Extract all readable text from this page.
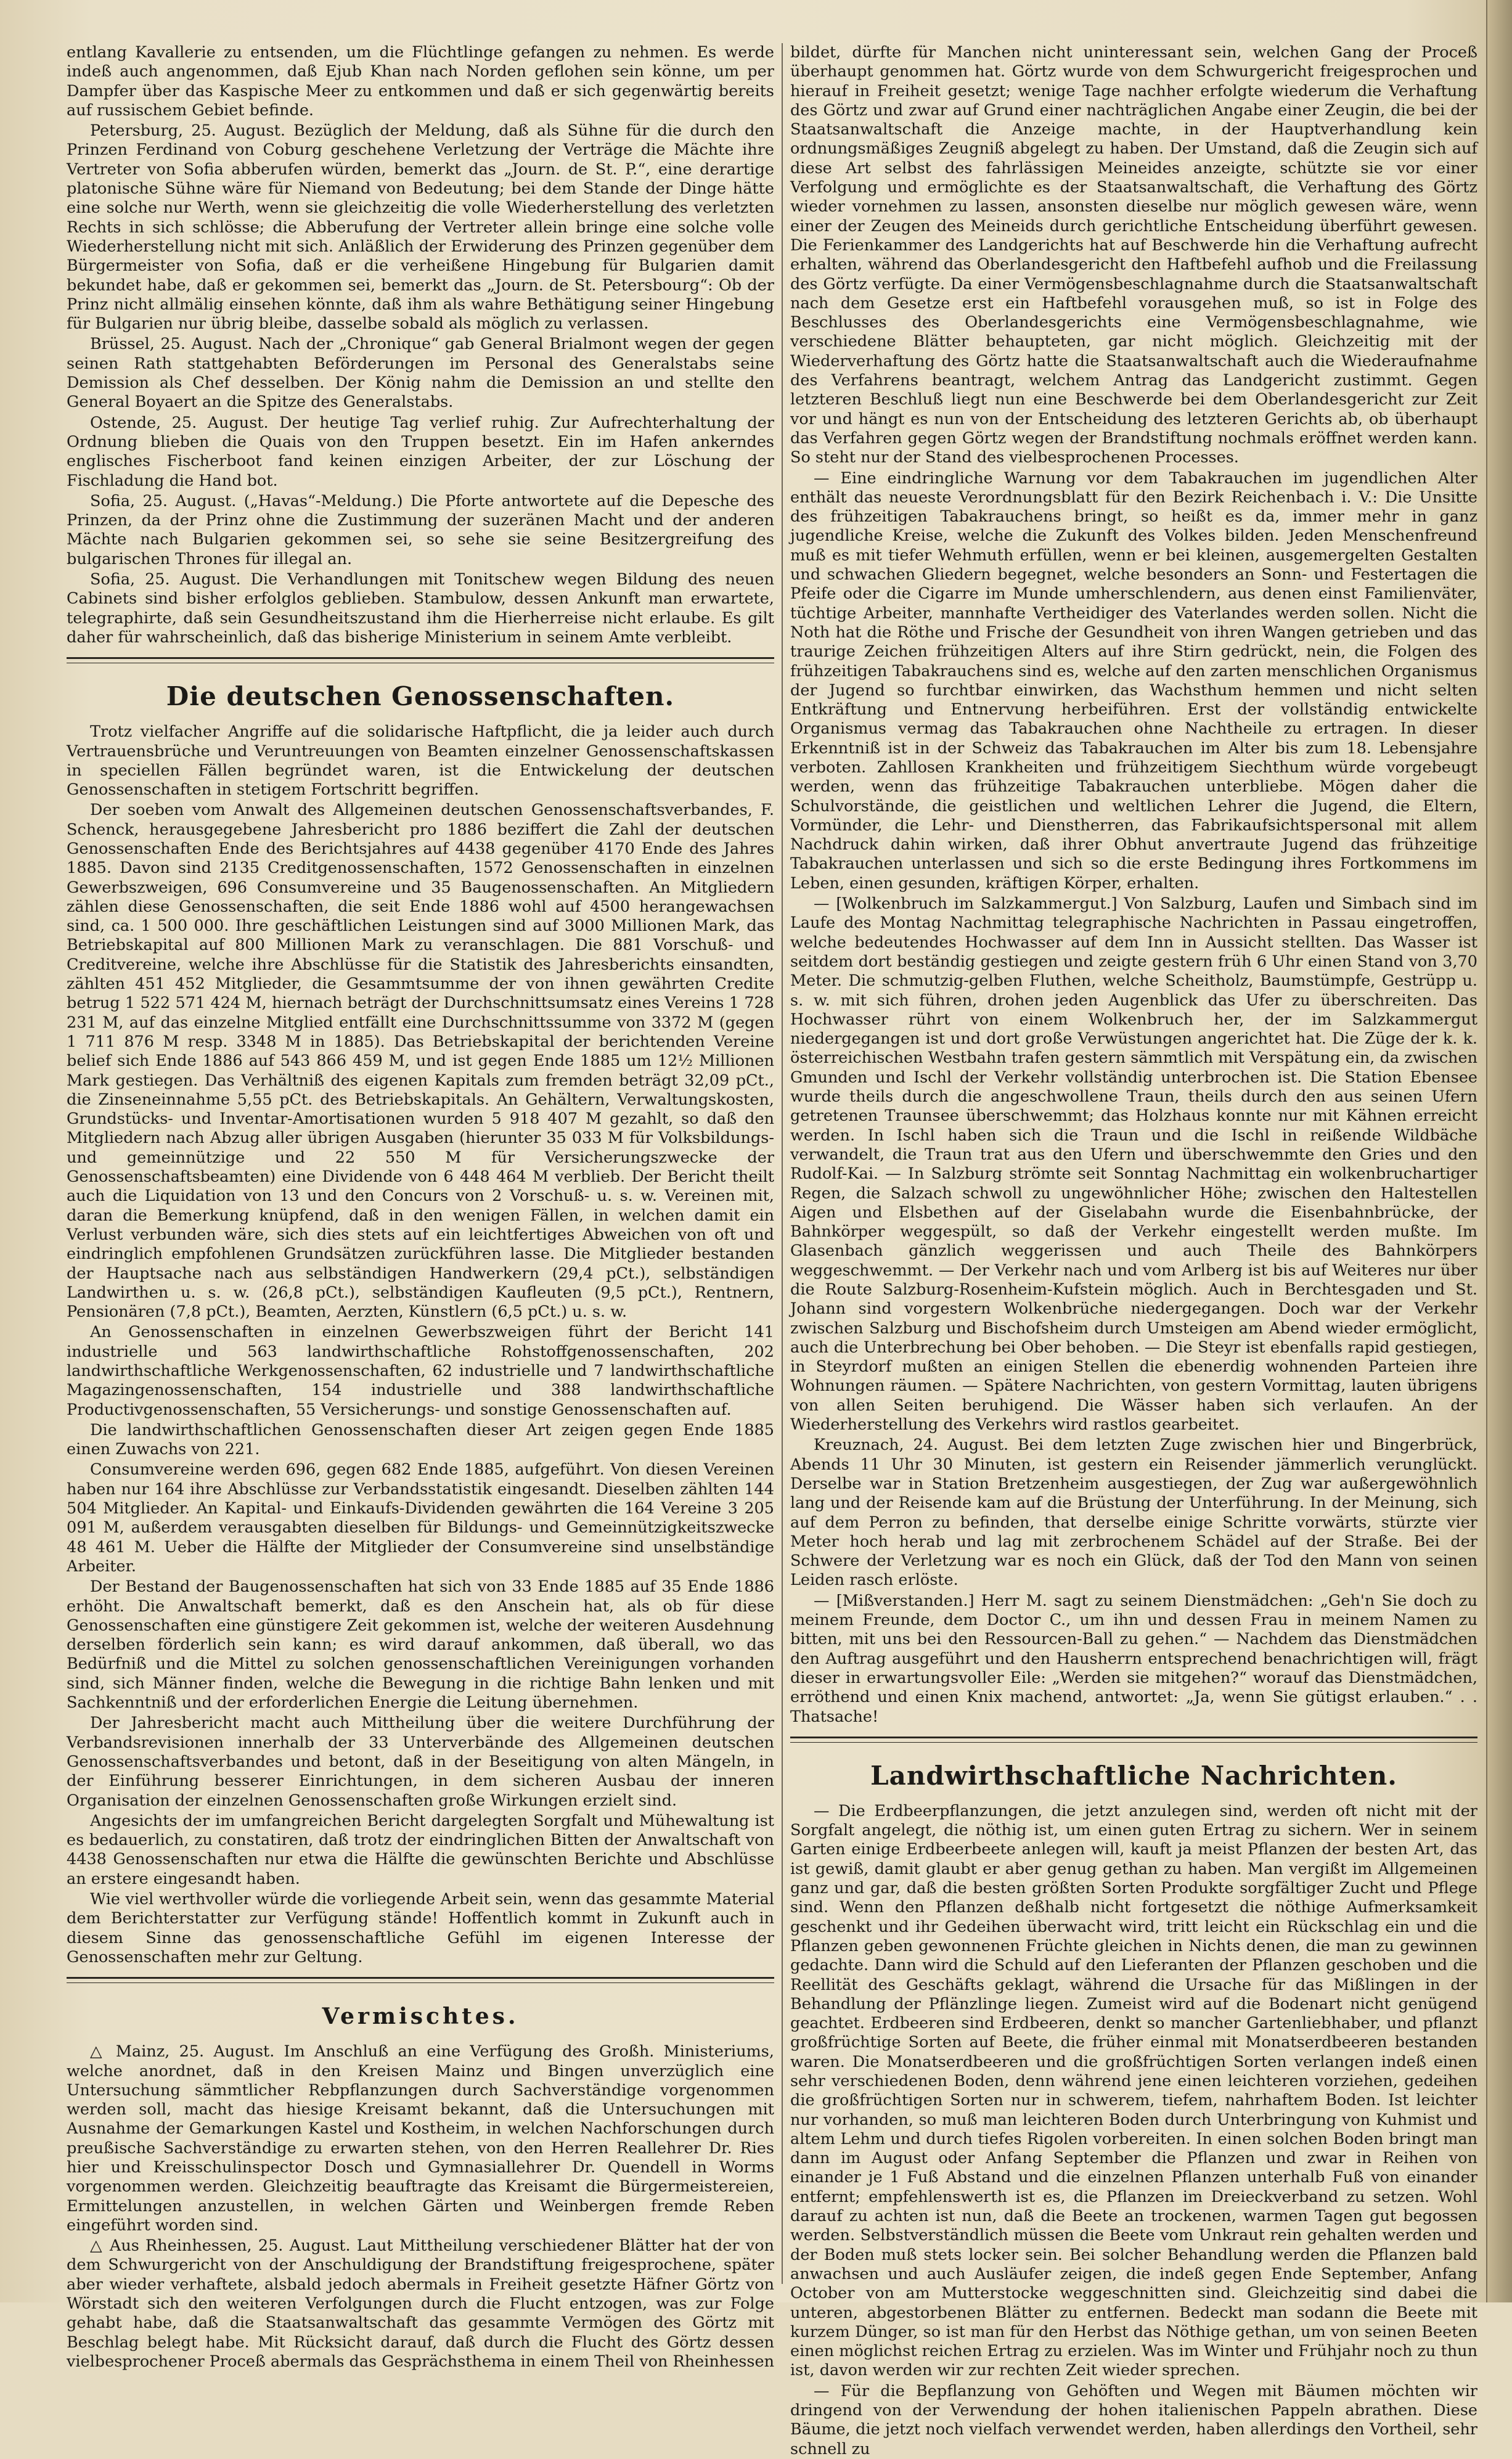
entlang Kavallerie zu entsenden, um die Flüchtlinge gefangen zu nehmen. Es werde indeß auch angenommen, daß Ejub Khan nach Norden geflohen sein könne, um per Dampfer über das Kaspische Meer zu entkommen und daß er sich gegenwärtig bereits auf russischem Gebiet befinde.

Petersburg, 25. August. Bezüglich der Meldung, daß als Sühne für die durch den Prinzen Ferdinand von Coburg geschehene Verletzung der Verträge die Mächte ihre Vertreter von Sofia abberufen würden, bemerkt das „Journ. de St. P.“, eine derartige platonische Sühne wäre für Niemand von Bedeutung; bei dem Stande der Dinge hätte eine solche nur Werth, wenn sie gleichzeitig die volle Wiederherstellung des verletzten Rechts in sich schlösse; die Abberufung der Vertreter allein bringe eine solche volle Wiederherstellung nicht mit sich. Anläßlich der Erwiderung des Prinzen gegenüber dem Bürgermeister von Sofia, daß er die verheißene Hingebung für Bulgarien damit bekundet habe, daß er gekommen sei, bemerkt das „Journ. de St. Petersbourg“: Ob der Prinz nicht allmälig einsehen könnte, daß ihm als wahre Bethätigung seiner Hingebung für Bulgarien nur übrig bleibe, dasselbe sobald als möglich zu verlassen.

Brüssel, 25. August. Nach der „Chronique“ gab General Brialmont wegen der gegen seinen Rath stattgehabten Beförderungen im Personal des Generalstabs seine Demission als Chef desselben. Der König nahm die Demission an und stellte den General Boyaert an die Spitze des Generalstabs.

Ostende, 25. August. Der heutige Tag verlief ruhig. Zur Aufrechterhaltung der Ordnung blieben die Quais von den Truppen besetzt. Ein im Hafen ankerndes englisches Fischerboot fand keinen einzigen Arbeiter, der zur Löschung der Fischladung die Hand bot.

Sofia, 25. August. („Havas“-Meldung.) Die Pforte antwortete auf die Depesche des Prinzen, da der Prinz ohne die Zustimmung der suzeränen Macht und der anderen Mächte nach Bulgarien gekommen sei, so sehe sie seine Besitzergreifung des bulgarischen Thrones für illegal an.

Sofia, 25. August. Die Verhandlungen mit Tonitschew wegen Bildung des neuen Cabinets sind bisher erfolglos geblieben. Stambulow, dessen Ankunft man erwartete, telegraphirte, daß sein Gesundheitszustand ihm die Hierherreise nicht erlaube. Es gilt daher für wahrscheinlich, daß das bisherige Ministerium in seinem Amte verbleibt.

Die deutschen Genossenschaften.

Trotz vielfacher Angriffe auf die solidarische Haftpflicht, die ja leider auch durch Vertrauensbrüche und Veruntreuungen von Beamten einzelner Genossenschaftskassen in speciellen Fällen begründet waren, ist die Entwickelung der deutschen Genossenschaften in stetigem Fortschritt begriffen.

Der soeben vom Anwalt des Allgemeinen deutschen Genossenschaftsverbandes, F. Schenck, herausgegebene Jahresbericht pro 1886 beziffert die Zahl der deutschen Genossenschaften Ende des Berichtsjahres auf 4438 gegenüber 4170 Ende des Jahres 1885. Davon sind 2135 Creditgenossenschaften, 1572 Genossenschaften in einzelnen Gewerbszweigen, 696 Consumvereine und 35 Baugenossenschaften. An Mitgliedern zählen diese Genossenschaften, die seit Ende 1886 wohl auf 4500 herangewachsen sind, ca. 1 500 000. Ihre geschäftlichen Leistungen sind auf 3000 Millionen Mark, das Betriebskapital auf 800 Millionen Mark zu veranschlagen. Die 881 Vorschuß- und Creditvereine, welche ihre Abschlüsse für die Statistik des Jahresberichts einsandten, zählten 451 452 Mitglieder, die Gesammtsumme der von ihnen gewährten Credite betrug 1 522 571 424 M, hiernach beträgt der Durchschnittsumsatz eines Vereins 1 728 231 M, auf das einzelne Mitglied entfällt eine Durchschnittssumme von 3372 M (gegen 1 711 876 M resp. 3348 M in 1885). Das Betriebskapital der berichtenden Vereine belief sich Ende 1886 auf 543 866 459 M, und ist gegen Ende 1885 um 12½ Millionen Mark gestiegen. Das Verhältniß des eigenen Kapitals zum fremden beträgt 32,09 pCt., die Zinseneinnahme 5,55 pCt. des Betriebskapitals. An Gehältern, Verwaltungskosten, Grundstücks- und Inventar-Amortisationen wurden 5 918 407 M gezahlt, so daß den Mitgliedern nach Abzug aller übrigen Ausgaben (hierunter 35 033 M für Volksbildungs- und gemeinnützige und 22 550 M für Versicherungszwecke der Genossenschaftsbeamten) eine Dividende von 6 448 464 M verblieb. Der Bericht theilt auch die Liquidation von 13 und den Concurs von 2 Vorschuß- u. s. w. Vereinen mit, daran die Bemerkung knüpfend, daß in den wenigen Fällen, in welchen damit ein Verlust verbunden wäre, sich dies stets auf ein leichtfertiges Abweichen von oft und eindringlich empfohlenen Grundsätzen zurückführen lasse. Die Mitglieder bestanden der Hauptsache nach aus selbständigen Handwerkern (29,4 pCt.), selbständigen Landwirthen u. s. w. (26,8 pCt.), selbständigen Kaufleuten (9,5 pCt.), Rentnern, Pensionären (7,8 pCt.), Beamten, Aerzten, Künstlern (6,5 pCt.) u. s. w.

An Genossenschaften in einzelnen Gewerbszweigen führt der Bericht 141 industrielle und 563 landwirthschaftliche Rohstoffgenossenschaften, 202 landwirthschaftliche Werkgenossenschaften, 62 industrielle und 7 landwirthschaftliche Magazingenossenschaften, 154 industrielle und 388 landwirthschaftliche Productivgenossenschaften, 55 Versicherungs- und sonstige Genossenschaften auf.

Die landwirthschaftlichen Genossenschaften dieser Art zeigen gegen Ende 1885 einen Zuwachs von 221.

Consumvereine werden 696, gegen 682 Ende 1885, aufgeführt. Von diesen Vereinen haben nur 164 ihre Abschlüsse zur Verbandsstatistik eingesandt. Dieselben zählten 144 504 Mitglieder. An Kapital- und Einkaufs-Dividenden gewährten die 164 Vereine 3 205 091 M, außerdem verausgabten dieselben für Bildungs- und Gemeinnützigkeitszwecke 48 461 M. Ueber die Hälfte der Mitglieder der Consumvereine sind unselbständige Arbeiter.

Der Bestand der Baugenossenschaften hat sich von 33 Ende 1885 auf 35 Ende 1886 erhöht. Die Anwaltschaft bemerkt, daß es den Anschein hat, als ob für diese Genossenschaften eine günstigere Zeit gekommen ist, welche der weiteren Ausdehnung derselben förderlich sein kann; es wird darauf ankommen, daß überall, wo das Bedürfniß und die Mittel zu solchen genossenschaftlichen Vereinigungen vorhanden sind, sich Männer finden, welche die Bewegung in die richtige Bahn lenken und mit Sachkenntniß und der erforderlichen Energie die Leitung übernehmen.

Der Jahresbericht macht auch Mittheilung über die weitere Durchführung der Verbandsrevisionen innerhalb der 33 Unterverbände des Allgemeinen deutschen Genossenschaftsverbandes und betont, daß in der Beseitigung von alten Mängeln, in der Einführung besserer Einrichtungen, in dem sicheren Ausbau der inneren Organisation der einzelnen Genossenschaften große Wirkungen erzielt sind.

Angesichts der im umfangreichen Bericht dargelegten Sorgfalt und Mühewaltung ist es bedauerlich, zu constatiren, daß trotz der eindringlichen Bitten der Anwaltschaft von 4438 Genossenschaften nur etwa die Hälfte die gewünschten Berichte und Abschlüsse an erstere eingesandt haben.

Wie viel werthvoller würde die vorliegende Arbeit sein, wenn das gesammte Material dem Berichterstatter zur Verfügung stände! Hoffentlich kommt in Zukunft auch in diesem Sinne das genossenschaftliche Gefühl im eigenen Interesse der Genossenschaften mehr zur Geltung.

Vermischtes.

△ Mainz, 25. August. Im Anschluß an eine Verfügung des Großh. Ministeriums, welche anordnet, daß in den Kreisen Mainz und Bingen unverzüglich eine Untersuchung sämmtlicher Rebpflanzungen durch Sachverständige vorgenommen werden soll, macht das hiesige Kreisamt bekannt, daß die Untersuchungen mit Ausnahme der Gemarkungen Kastel und Kostheim, in welchen Nachforschungen durch preußische Sachverständige zu erwarten stehen, von den Herren Reallehrer Dr. Ries hier und Kreisschulinspector Dosch und Gymnasiallehrer Dr. Quendell in Worms vorgenommen werden. Gleichzeitig beauftragte das Kreisamt die Bürgermeistereien, Ermittelungen anzustellen, in welchen Gärten und Weinbergen fremde Reben eingeführt worden sind.

△ Aus Rheinhessen, 25. August. Laut Mittheilung verschiedener Blätter hat der von dem Schwurgericht von der Anschuldigung der Brandstiftung freigesprochene, später aber wieder verhaftete, alsbald jedoch abermals in Freiheit gesetzte Häfner Görtz von Wörstadt sich den weiteren Verfolgungen durch die Flucht entzogen, was zur Folge gehabt habe, daß die Staatsanwaltschaft das gesammte Vermögen des Görtz mit Beschlag belegt habe. Mit Rücksicht darauf, daß durch die Flucht des Görtz dessen vielbesprochener Proceß abermals das Gesprächsthema in einem Theil von Rheinhessen

bildet, dürfte für Manchen nicht uninteressant sein, welchen Gang der Proceß überhaupt genommen hat. Görtz wurde von dem Schwurgericht freigesprochen und hierauf in Freiheit gesetzt; wenige Tage nachher erfolgte wiederum die Verhaftung des Görtz und zwar auf Grund einer nachträglichen Angabe einer Zeugin, die bei der Staatsanwaltschaft die Anzeige machte, in der Hauptverhandlung kein ordnungsmäßiges Zeugniß abgelegt zu haben. Der Umstand, daß die Zeugin sich auf diese Art selbst des fahrlässigen Meineides anzeigte, schützte sie vor einer Verfolgung und ermöglichte es der Staatsanwaltschaft, die Verhaftung des Görtz wieder vornehmen zu lassen, ansonsten dieselbe nur möglich gewesen wäre, wenn einer der Zeugen des Meineids durch gerichtliche Entscheidung überführt gewesen. Die Ferienkammer des Landgerichts hat auf Beschwerde hin die Verhaftung aufrecht erhalten, während das Oberlandesgericht den Haftbefehl aufhob und die Freilassung des Görtz verfügte. Da einer Vermögensbeschlagnahme durch die Staatsanwaltschaft nach dem Gesetze erst ein Haftbefehl vorausgehen muß, so ist in Folge des Beschlusses des Oberlandesgerichts eine Vermögensbeschlagnahme, wie verschiedene Blätter behaupteten, gar nicht möglich. Gleichzeitig mit der Wiederverhaftung des Görtz hatte die Staatsanwaltschaft auch die Wiederaufnahme des Verfahrens beantragt, welchem Antrag das Landgericht zustimmt. Gegen letzteren Beschluß liegt nun eine Beschwerde bei dem Oberlandesgericht zur Zeit vor und hängt es nun von der Entscheidung des letzteren Gerichts ab, ob überhaupt das Verfahren gegen Görtz wegen der Brandstiftung nochmals eröffnet werden kann. So steht nur der Stand des vielbesprochenen Processes.

— Eine eindringliche Warnung vor dem Tabakrauchen im jugendlichen Alter enthält das neueste Verordnungsblatt für den Bezirk Reichenbach i. V.: Die Unsitte des frühzeitigen Tabakrauchens bringt, so heißt es da, immer mehr in ganz jugendliche Kreise, welche die Zukunft des Volkes bilden. Jeden Menschenfreund muß es mit tiefer Wehmuth erfüllen, wenn er bei kleinen, ausgemergelten Gestalten und schwachen Gliedern begegnet, welche besonders an Sonn- und Festertagen die Pfeife oder die Cigarre im Munde umherschlendern, aus denen einst Familienväter, tüchtige Arbeiter, mannhafte Vertheidiger des Vaterlandes werden sollen. Nicht die Noth hat die Röthe und Frische der Gesundheit von ihren Wangen getrieben und das traurige Zeichen frühzeitigen Alters auf ihre Stirn gedrückt, nein, die Folgen des frühzeitigen Tabakrauchens sind es, welche auf den zarten menschlichen Organismus der Jugend so furchtbar einwirken, das Wachsthum hemmen und nicht selten Entkräftung und Entnervung herbeiführen. Erst der vollständig entwickelte Organismus vermag das Tabakrauchen ohne Nachtheile zu ertragen. In dieser Erkenntniß ist in der Schweiz das Tabakrauchen im Alter bis zum 18. Lebensjahre verboten. Zahllosen Krankheiten und frühzeitigem Siechthum würde vorgebeugt werden, wenn das frühzeitige Tabakrauchen unterbliebe. Mögen daher die Schulvorstände, die geistlichen und weltlichen Lehrer die Jugend, die Eltern, Vormünder, die Lehr- und Dienstherren, das Fabrikaufsichtspersonal mit allem Nachdruck dahin wirken, daß ihrer Obhut anvertraute Jugend das frühzeitige Tabakrauchen unterlassen und sich so die erste Bedingung ihres Fortkommens im Leben, einen gesunden, kräftigen Körper, erhalten.

— [Wolkenbruch im Salzkammergut.] Von Salzburg, Laufen und Simbach sind im Laufe des Montag Nachmittag telegraphische Nachrichten in Passau eingetroffen, welche bedeutendes Hochwasser auf dem Inn in Aussicht stellten. Das Wasser ist seitdem dort beständig gestiegen und zeigte gestern früh 6 Uhr einen Stand von 3,70 Meter. Die schmutzig-gelben Fluthen, welche Scheitholz, Baumstümpfe, Gestrüpp u. s. w. mit sich führen, drohen jeden Augenblick das Ufer zu überschreiten. Das Hochwasser rührt von einem Wolkenbruch her, der im Salzkammergut niedergegangen ist und dort große Verwüstungen angerichtet hat. Die Züge der k. k. österreichischen Westbahn trafen gestern sämmtlich mit Verspätung ein, da zwischen Gmunden und Ischl der Verkehr vollständig unterbrochen ist. Die Station Ebensee wurde theils durch die angeschwollene Traun, theils durch den aus seinen Ufern getretenen Traunsee überschwemmt; das Holzhaus konnte nur mit Kähnen erreicht werden. In Ischl haben sich die Traun und die Ischl in reißende Wildbäche verwandelt, die Traun trat aus den Ufern und überschwemmte den Gries und den Rudolf-Kai. — In Salzburg strömte seit Sonntag Nachmittag ein wolkenbruchartiger Regen, die Salzach schwoll zu ungewöhnlicher Höhe; zwischen den Haltestellen Aigen und Elsbethen auf der Giselabahn wurde die Eisenbahnbrücke, der Bahnkörper weggespült, so daß der Verkehr eingestellt werden mußte. Im Glasenbach gänzlich weggerissen und auch Theile des Bahnkörpers weggeschwemmt. — Der Verkehr nach und vom Arlberg ist bis auf Weiteres nur über die Route Salzburg-Rosenheim-Kufstein möglich. Auch in Berchtesgaden und St. Johann sind vorgestern Wolkenbrüche niedergegangen. Doch war der Verkehr zwischen Salzburg und Bischofsheim durch Umsteigen am Abend wieder ermöglicht, auch die Unterbrechung bei Ober behoben. — Die Steyr ist ebenfalls rapid gestiegen, in Steyrdorf mußten an einigen Stellen die ebenerdig wohnenden Parteien ihre Wohnungen räumen. — Spätere Nachrichten, von gestern Vormittag, lauten übrigens von allen Seiten beruhigend. Die Wässer haben sich verlaufen. An der Wiederherstellung des Verkehrs wird rastlos gearbeitet.

Kreuznach, 24. August. Bei dem letzten Zuge zwischen hier und Bingerbrück, Abends 11 Uhr 30 Minuten, ist gestern ein Reisender jämmerlich verunglückt. Derselbe war in Station Bretzenheim ausgestiegen, der Zug war außergewöhnlich lang und der Reisende kam auf die Brüstung der Unterführung. In der Meinung, sich auf dem Perron zu befinden, that derselbe einige Schritte vorwärts, stürzte vier Meter hoch herab und lag mit zerbrochenem Schädel auf der Straße. Bei der Schwere der Verletzung war es noch ein Glück, daß der Tod den Mann von seinen Leiden rasch erlöste.

— [Mißverstanden.] Herr M. sagt zu seinem Dienstmädchen: „Geh'n Sie doch zu meinem Freunde, dem Doctor C., um ihn und dessen Frau in meinem Namen zu bitten, mit uns bei den Ressourcen-Ball zu gehen.“ — Nachdem das Dienstmädchen den Auftrag ausgeführt und den Hausherrn entsprechend benachrichtigen will, frägt dieser in erwartungsvoller Eile: „Werden sie mitgehen?“ worauf das Dienstmädchen, erröthend und einen Knix machend, antwortet: „Ja, wenn Sie gütigst erlauben.“ . . Thatsache!

Landwirthschaftliche Nachrichten.

— Die Erdbeerpflanzungen, die jetzt anzulegen sind, werden oft nicht mit der Sorgfalt angelegt, die nöthig ist, um einen guten Ertrag zu sichern. Wer in seinem Garten einige Erdbeerbeete anlegen will, kauft ja meist Pflanzen der besten Art, das ist gewiß, damit glaubt er aber genug gethan zu haben. Man vergißt im Allgemeinen ganz und gar, daß die besten größten Sorten Produkte sorgfältiger Zucht und Pflege sind. Wenn den Pflanzen deßhalb nicht fortgesetzt die nöthige Aufmerksamkeit geschenkt und ihr Gedeihen überwacht wird, tritt leicht ein Rückschlag ein und die Pflanzen geben gewonnenen Früchte gleichen in Nichts denen, die man zu gewinnen gedachte. Dann wird die Schuld auf den Lieferanten der Pflanzen geschoben und die Reellität des Geschäfts geklagt, während die Ursache für das Mißlingen in der Behandlung der Pflänzlinge liegen. Zumeist wird auf die Bodenart nicht genügend geachtet. Erdbeeren sind Erdbeeren, denkt so mancher Gartenliebhaber, und pflanzt großfrüchtige Sorten auf Beete, die früher einmal mit Monatserdbeeren bestanden waren. Die Monatserdbeeren und die großfrüchtigen Sorten verlangen indeß einen sehr verschiedenen Boden, denn während jene einen leichteren vorziehen, gedeihen die großfrüchtigen Sorten nur in schwerem, tiefem, nahrhaftem Boden. Ist leichter nur vorhanden, so muß man leichteren Boden durch Unterbringung von Kuhmist und altem Lehm und durch tiefes Rigolen vorbereiten. In einen solchen Boden bringt man dann im August oder Anfang September die Pflanzen und zwar in Reihen von einander je 1 Fuß Abstand und die einzelnen Pflanzen unterhalb Fuß von einander entfernt; empfehlenswerth ist es, die Pflanzen im Dreieckverband zu setzen. Wohl darauf zu achten ist nun, daß die Beete an trockenen, warmen Tagen gut begossen werden. Selbstverständlich müssen die Beete vom Unkraut rein gehalten werden und der Boden muß stets locker sein. Bei solcher Behandlung werden die Pflanzen bald anwachsen und auch Ausläufer zeigen, die indeß gegen Ende September, Anfang October von am Mutterstocke weggeschnitten sind. Gleichzeitig sind dabei die unteren, abgestorbenen Blätter zu entfernen. Bedeckt man sodann die Beete mit kurzem Dünger, so ist man für den Herbst das Nöthige gethan, um von seinen Beeten einen möglichst reichen Ertrag zu erzielen. Was im Winter und Frühjahr noch zu thun ist, davon werden wir zur rechten Zeit wieder sprechen.

— Für die Bepflanzung von Gehöften und Wegen mit Bäumen möchten wir dringend von der Verwendung der hohen italienischen Pappeln abrathen. Diese Bäume, die jetzt noch vielfach verwendet werden, haben allerdings den Vortheil, sehr schnell zu
